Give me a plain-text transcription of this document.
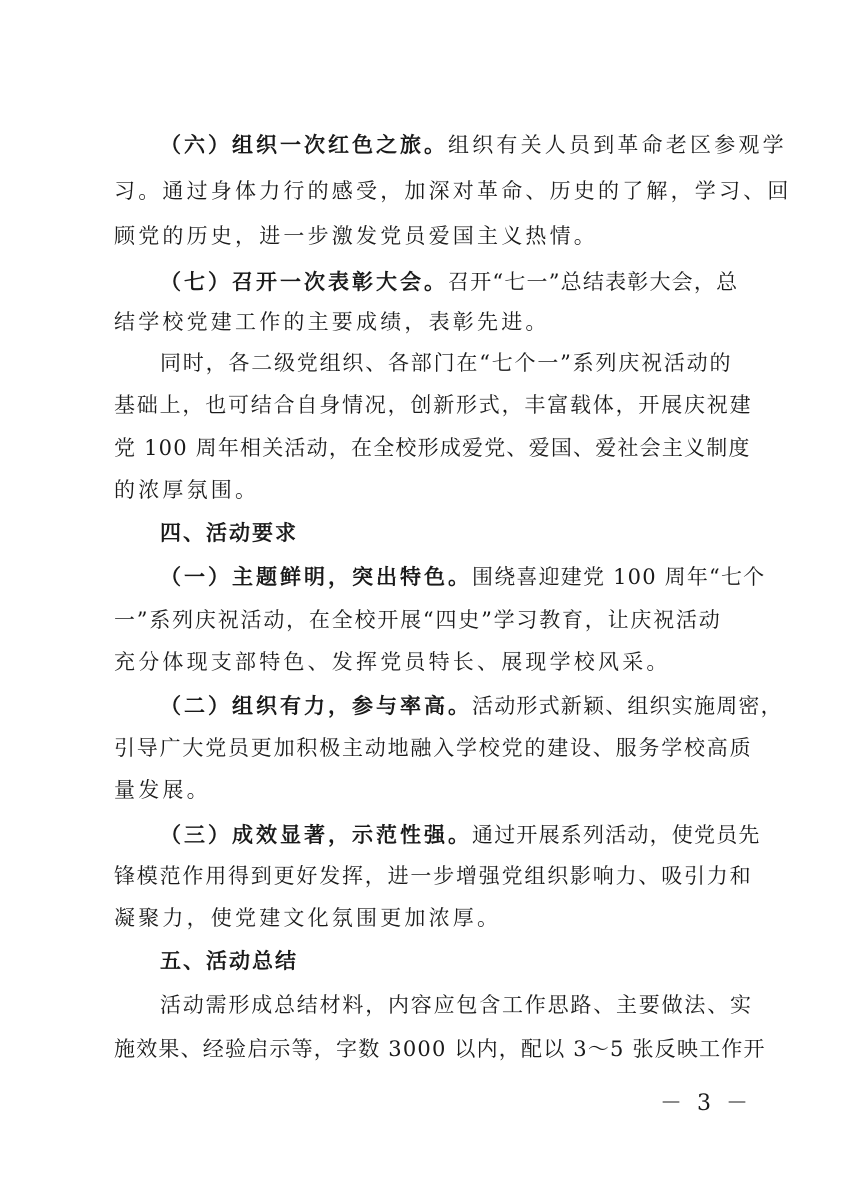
（六）组织一次红色之旅。组织有关人员到革命老区参观学
习。通过身体力行的感受，加深对革命、历史的了解，学习、回
顾党的历史，进一步激发党员爱国主义热情。
（七）召开一次表彰大会。召开“七一”总结表彰大会，总
结学校党建工作的主要成绩，表彰先进。
同时，各二级党组织、各部门在“七个一”系列庆祝活动的
基础上，也可结合自身情况，创新形式，丰富载体，开展庆祝建
党 100 周年相关活动，在全校形成爱党、爱国、爱社会主义制度
的浓厚氛围。
四、活动要求
（一）主题鲜明，突出特色。围绕喜迎建党 100 周年“七个
一”系列庆祝活动，在全校开展“四史”学习教育，让庆祝活动
充分体现支部特色、发挥党员特长、展现学校风采。
（二）组织有力，参与率高。活动形式新颖、组织实施周密，
引导广大党员更加积极主动地融入学校党的建设、服务学校高质
量发展。
（三）成效显著，示范性强。通过开展系列活动，使党员先
锋模范作用得到更好发挥，进一步增强党组织影响力、吸引力和
凝聚力，使党建文化氛围更加浓厚。
五、活动总结
活动需形成总结材料，内容应包含工作思路、主要做法、实
施效果、经验启示等，字数 3000 以内，配以 3～5 张反映工作开
－ 3 －
